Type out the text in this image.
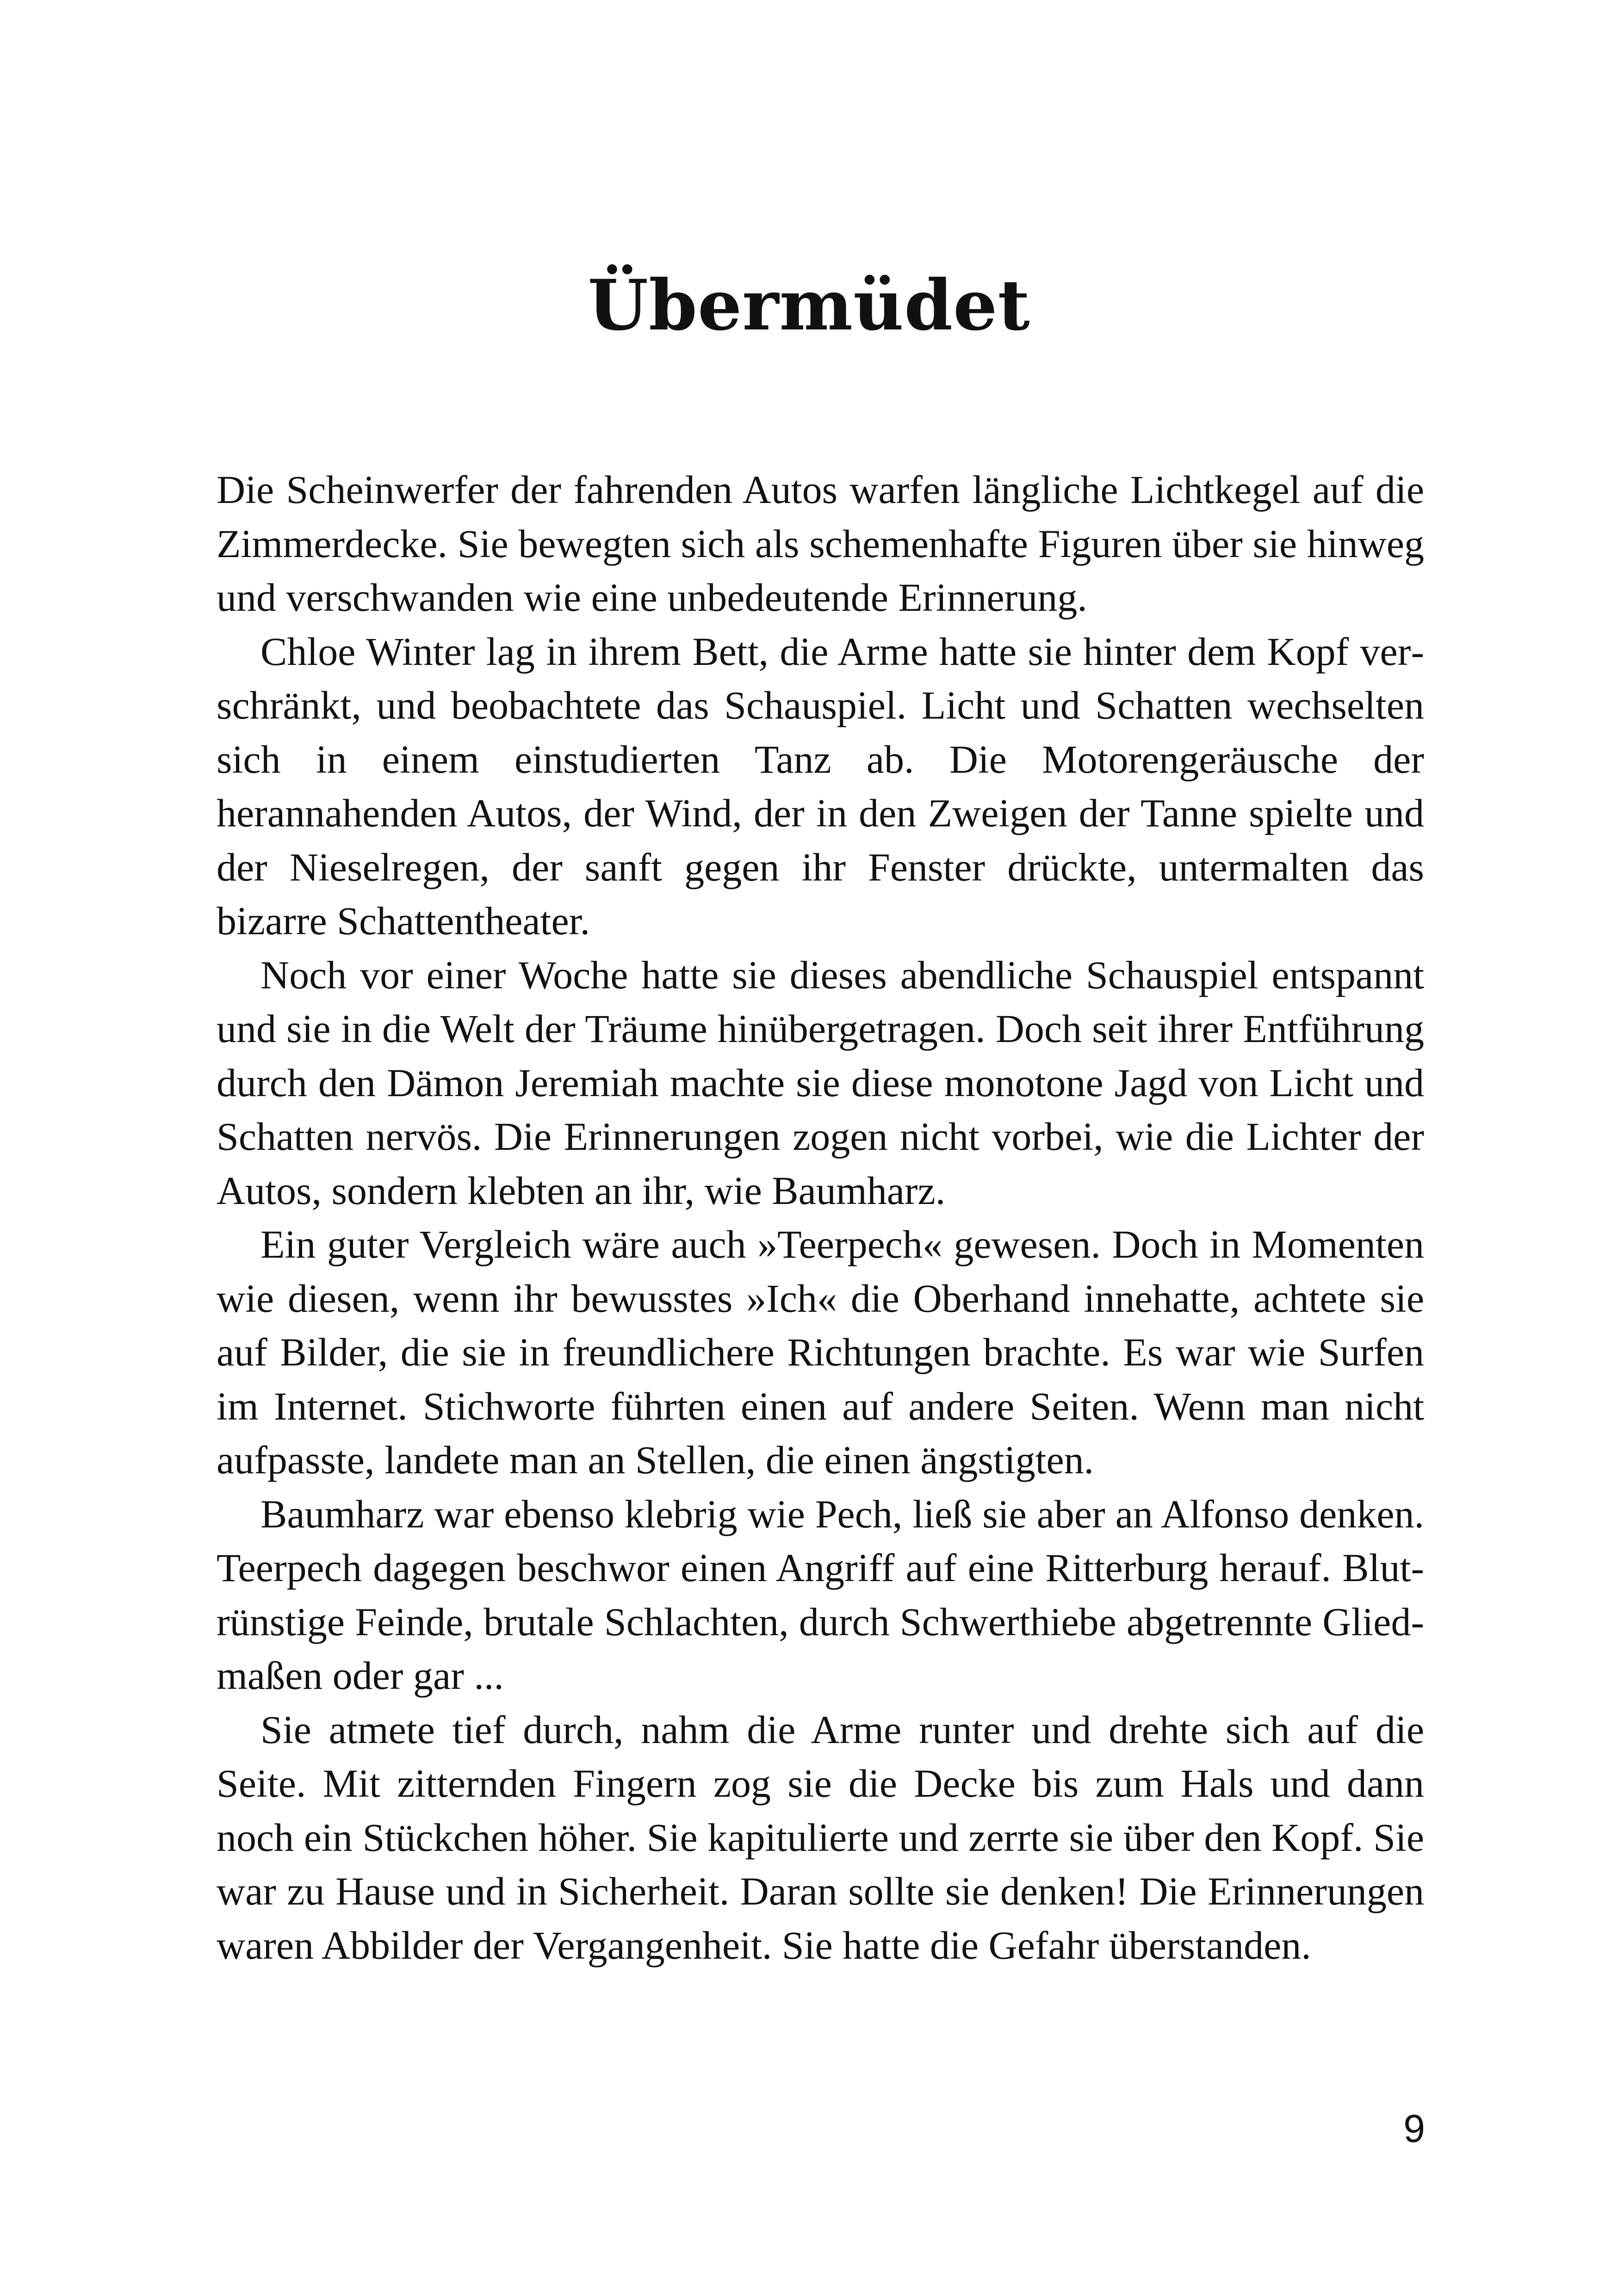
Übermüdet

Die Scheinwerfer der fahrenden Autos warfen längliche Lichtkegel auf die Zimmerdecke. Sie bewegten sich als schemenhafte Figuren über sie hinweg und verschwanden wie eine unbedeutende Erinnerung.

Chloe Winter lag in ihrem Bett, die Arme hatte sie hinter dem Kopf verschränkt, und beobachtete das Schauspiel. Licht und Schatten wechselten sich in einem einstudierten Tanz ab. Die Motorengeräusche der herannahenden Autos, der Wind, der in den Zweigen der Tanne spielte und der Nieselregen, der sanft gegen ihr Fenster drückte, untermalten das bizarre Schattentheater.

Noch vor einer Woche hatte sie dieses abendliche Schauspiel entspannt und sie in die Welt der Träume hinübergetragen. Doch seit ihrer Entführung durch den Dämon Jeremiah machte sie diese monotone Jagd von Licht und Schatten nervös. Die Erinnerungen zogen nicht vorbei, wie die Lichter der Autos, sondern klebten an ihr, wie Baumharz.

Ein guter Vergleich wäre auch »Teerpech« gewesen. Doch in Momenten wie diesen, wenn ihr bewusstes »Ich« die Oberhand innehatte, achtete sie auf Bilder, die sie in freundlichere Richtungen brachte. Es war wie Surfen im Internet. Stichworte führten einen auf andere Seiten. Wenn man nicht aufpasste, landete man an Stellen, die einen ängstigten.

Baumharz war ebenso klebrig wie Pech, ließ sie aber an Alfonso denken. Teerpech dagegen beschwor einen Angriff auf eine Ritterburg herauf. Blutrünstige Feinde, brutale Schlachten, durch Schwerthiebe abgetrennte Gliedmaßen oder gar ...

Sie atmete tief durch, nahm die Arme runter und drehte sich auf die Seite. Mit zitternden Fingern zog sie die Decke bis zum Hals und dann noch ein Stückchen höher. Sie kapitulierte und zerrte sie über den Kopf. Sie war zu Hause und in Sicherheit. Daran sollte sie denken! Die Erinnerungen waren Abbilder der Vergangenheit. Sie hatte die Gefahr überstanden.

9
